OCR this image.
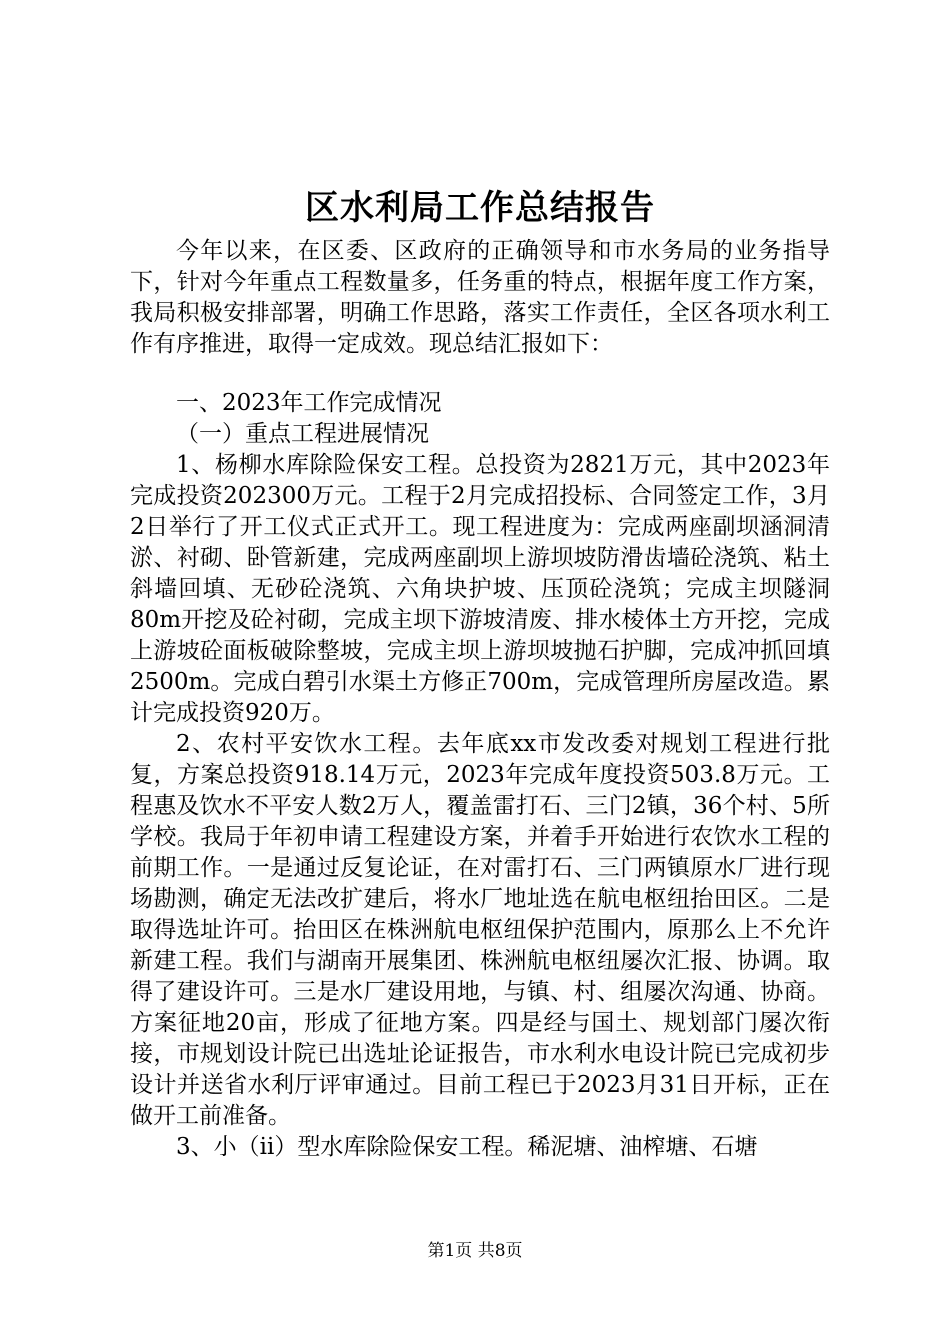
区水利局工作总结报告

今年以来，在区委、区政府的正确领导和市水务局的业务指导下，针对今年重点工程数量多，任务重的特点，根据年度工作方案，我局积极安排部署，明确工作思路，落实工作责任，全区各项水利工作有序推进，取得一定成效。现总结汇报如下：

一、2023年工作完成情况

（一）重点工程进展情况

1、杨柳水库除险保安工程。总投资为2821万元，其中2023年完成投资202300万元。工程于2月完成招投标、合同签定工作，3月2日举行了开工仪式正式开工。现工程进度为：完成两座副坝涵洞清淤、衬砌、卧管新建，完成两座副坝上游坝坡防滑齿墙砼浇筑、粘土斜墙回填、无砂砼浇筑、六角块护坡、压顶砼浇筑；完成主坝隧洞80m开挖及砼衬砌，完成主坝下游坡清废、排水棱体土方开挖，完成上游坡砼面板破除整坡，完成主坝上游坝坡抛石护脚，完成冲抓回填2500m。完成白碧引水渠土方修正700m，完成管理所房屋改造。累计完成投资920万。

2、农村平安饮水工程。去年底xx市发改委对规划工程进行批复，方案总投资918.14万元，2023年完成年度投资503.8万元。工程惠及饮水不平安人数2万人，覆盖雷打石、三门2镇，36个村、5所学校。我局于年初申请工程建设方案，并着手开始进行农饮水工程的前期工作。一是通过反复论证，在对雷打石、三门两镇原水厂进行现场勘测，确定无法改扩建后，将水厂地址选在航电枢纽抬田区。二是取得选址许可。抬田区在株洲航电枢纽保护范围内，原那么上不允许新建工程。我们与湖南开展集团、株洲航电枢纽屡次汇报、协调。取得了建设许可。三是水厂建设用地，与镇、村、组屡次沟通、协商。方案征地20亩，形成了征地方案。四是经与国土、规划部门屡次衔接，市规划设计院已出选址论证报告，市水利水电设计院已完成初步设计并送省水利厅评审通过。目前工程已于2023月31日开标，正在做开工前准备。

3、小（ⅱ）型水库除险保安工程。稀泥塘、油榨塘、石塘

第1页 共8页
